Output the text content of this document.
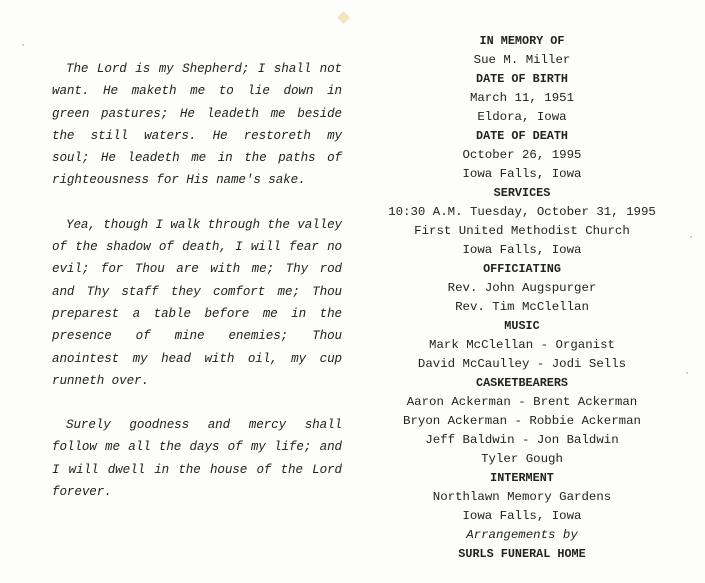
The Lord is my Shepherd; I shall not want. He maketh me to lie down in green pastures; He leadeth me beside the still waters. He restoreth my soul; He leadeth me in the paths of righteousness for His name's sake.

Yea, though I walk through the valley of the shadow of death, I will fear no evil; for Thou are with me; Thy rod and Thy staff they comfort me; Thou preparest a table before me in the presence of mine enemies; Thou anointest my head with oil, my cup runneth over.

Surely goodness and mercy shall follow me all the days of my life; and I will dwell in the house of the Lord forever.

IN MEMORY OF
Sue M. Miller
DATE OF BIRTH
March 11, 1951
Eldora, Iowa
DATE OF DEATH
October 26, 1995
Iowa Falls, Iowa
SERVICES
10:30 A.M. Tuesday, October 31, 1995
First United Methodist Church
Iowa Falls, Iowa
OFFICIATING
Rev. John Augspurger
Rev. Tim McClellan
MUSIC
Mark McClellan - Organist
David McCaulley - Jodi Sells
CASKETBEARERS
Aaron Ackerman - Brent Ackerman
Bryon Ackerman - Robbie Ackerman
Jeff Baldwin - Jon Baldwin
Tyler Gough
INTERMENT
Northlawn Memory Gardens
Iowa Falls, Iowa
Arrangements by
SURLS FUNERAL HOME
